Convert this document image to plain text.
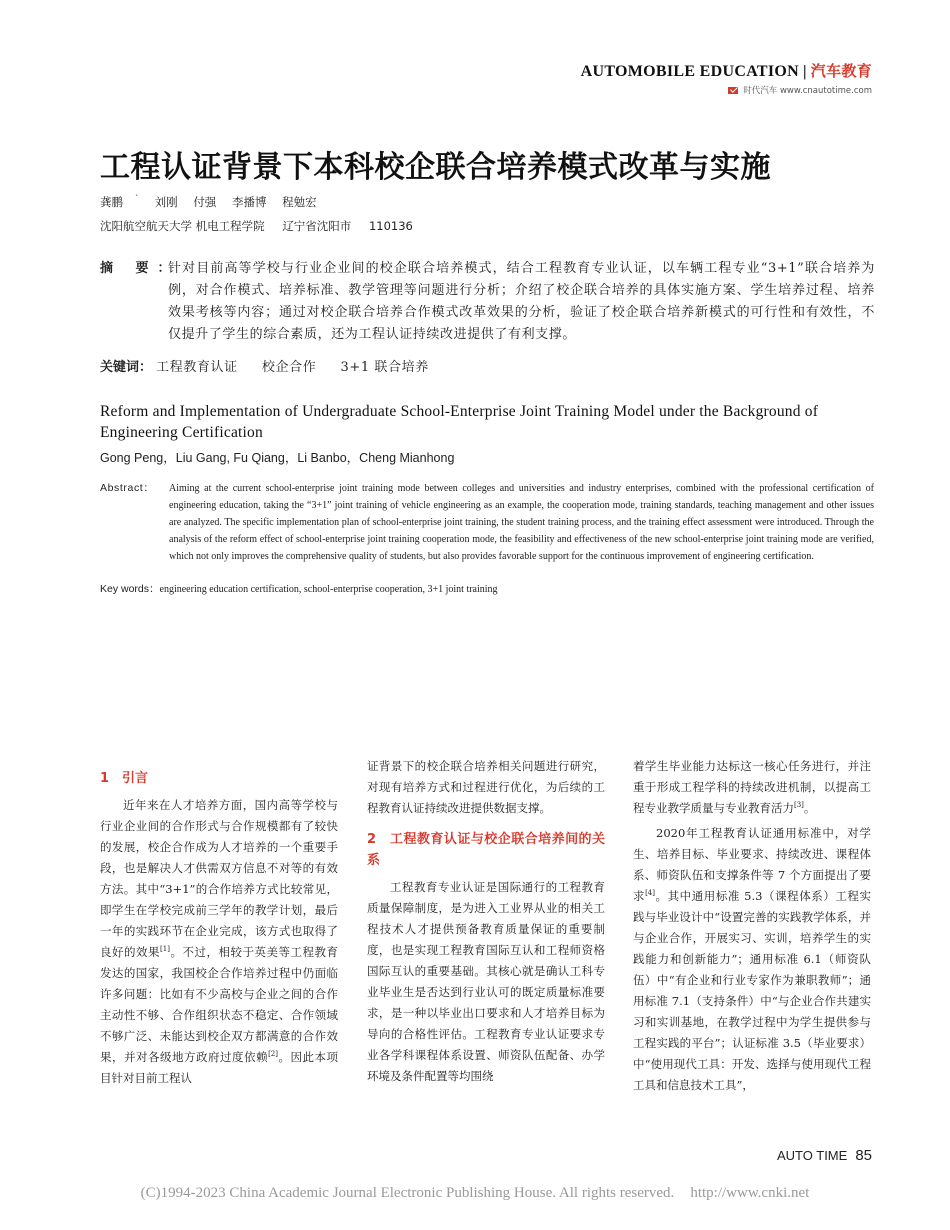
AUTOMOBILE EDUCATION | 汽车教育
时代汽车 www.cnautotime.com
工程认证背景下本科校企联合培养模式改革与实施
龚鹏 ` 刘刚 付强 李播博 程勉宏
沈阳航空航天大学 机电工程学院 辽宁省沈阳市 110136
摘 要：
针对目前高等学校与行业企业间的校企联合培养模式，结合工程教育专业认证，以车辆工程专业“3+1”联合培养为例，对合作模式、培养标准、教学管理等问题进行分析；介绍了校企联合培养的具体实施方案、学生培养过程、培养效果考核等内容；通过对校企联合培养合作模式改革效果的分析，验证了校企联合培养新模式的可行性和有效性，不仅提升了学生的综合素质，还为工程认证持续改进提供了有利支撑。
关键词： 工程教育认证 校企合作 3+1 联合培养
Reform and Implementation of Undergraduate School-Enterprise Joint Training Model under the Background of Engineering Certification
Gong Peng，Liu Gang, Fu Qiang，Li Banbo，Cheng Mianhong
Abstract： Aiming at the current school-enterprise joint training mode between colleges and universities and industry enterprises, combined with the professional certification of engineering education, taking the “3+1” joint training of vehicle engineering as an example, the cooperation mode, training standards, teaching management and other issues are analyzed. The specific implementation plan of school-enterprise joint training, the student training process, and the training effect assessment were introduced. Through the analysis of the reform effect of school-enterprise joint training cooperation mode, the feasibility and effectiveness of the new school-enterprise joint training mode are verified, which not only improves the comprehensive quality of students, but also provides favorable support for the continuous improvement of engineering certification.
Key words：engineering education certification, school-enterprise cooperation, 3+1 joint training

1　引言

近年来在人才培养方面，国内高等学校与行业企业间的合作形式与合作规模都有了较快的发展，校企合作成为人才培养的一个重要手段，也是解决人才供需双方信息不对等的有效方法。其中“3+1”的合作培养方式比较常见，即学生在学校完成前三学年的教学计划，最后一年的实践环节在企业完成，该方式也取得了良好的效果[1]。不过，相较于英美等工程教育发达的国家，我国校企合作培养过程中仍面临许多问题：比如有不少高校与企业之间的合作主动性不够、合作组织状态不稳定、合作领域不够广泛、未能达到校企双方都满意的合作效果，并对各级地方政府过度依赖[2]。因此本项目针对目前工程认

证背景下的校企联合培养相关问题进行研究，对现有培养方式和过程进行优化，为后续的工程教育认证持续改进提供数据支撑。

2　工程教育认证与校企联合培养间的关系

工程教育专业认证是国际通行的工程教育质量保障制度，是为进入工业界从业的相关工程技术人才提供预备教育质量保证的重要制度，也是实现工程教育国际互认和工程师资格国际互认的重要基础。其核心就是确认工科专业毕业生是否达到行业认可的既定质量标准要求，是一种以毕业出口要求和人才培养目标为导向的合格性评估。工程教育专业认证要求专业各学科课程体系设置、师资队伍配备、办学环境及条件配置等均围绕

着学生毕业能力达标这一核心任务进行，并注重于形成工程学科的持续改进机制，以提高工程专业教学质量与专业教育活力[3]。

2020年工程教育认证通用标准中，对学生、培养目标、毕业要求、持续改进、课程体系、师资队伍和支撑条件等 7 个方面提出了要求[4]。其中通用标准 5.3（课程体系）工程实践与毕业设计中“设置完善的实践教学体系，并与企业合作，开展实习、实训，培养学生的实践能力和创新能力”；通用标准 6.1（师资队伍）中“有企业和行业专家作为兼职教师”；通用标准 7.1（支持条件）中“与企业合作共建实习和实训基地，在教学过程中为学生提供参与工程实践的平台”；认证标准 3.5（毕业要求）中“使用现代工具：开发、选择与使用现代工程工具和信息技术工具”，

AUTO TIME 85
(C)1994-2023 China Academic Journal Electronic Publishing House. All rights reserved. http://www.cnki.net
